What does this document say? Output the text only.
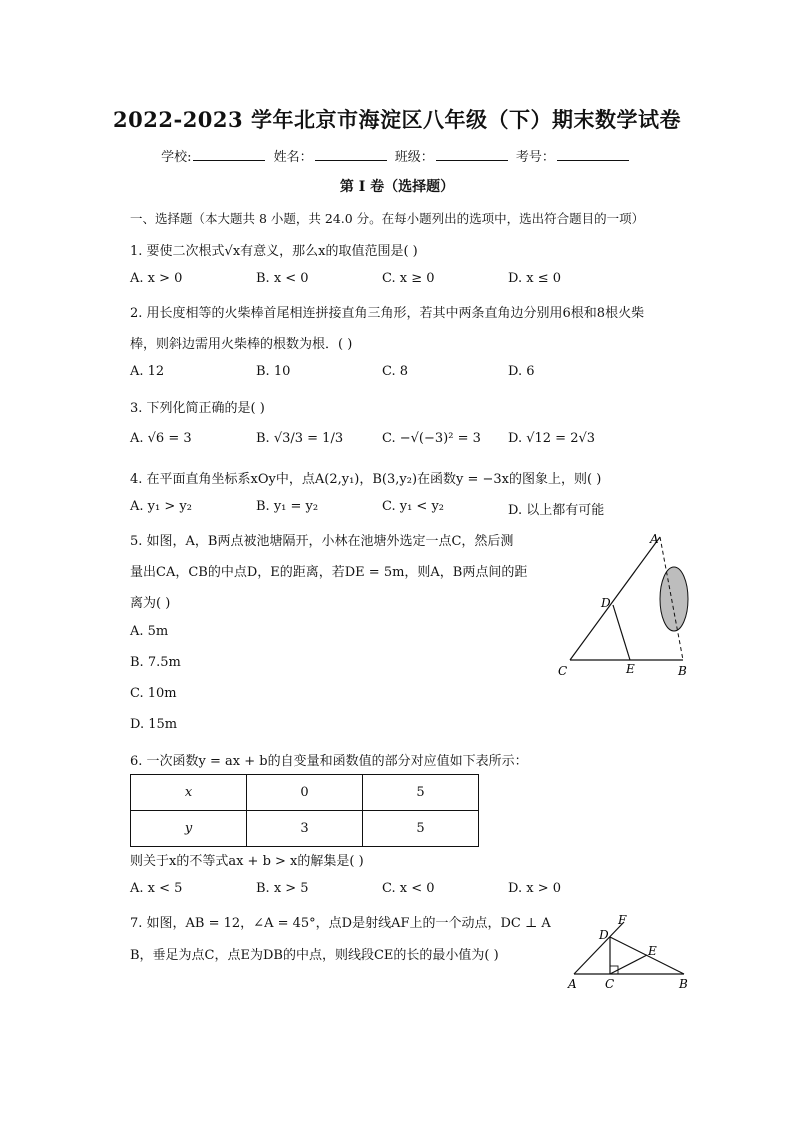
2022-2023 学年北京市海淀区八年级（下）期末数学试卷
学校:	姓名：	班级：	考号：
第 I 卷（选择题）
一、选择题（本大题共 8 小题，共 24.0 分。在每小题列出的选项中，选出符合题目的一项）
1. 要使二次根式√x有意义，那么x的取值范围是( )
A. x > 0	B. x < 0	C. x ≥ 0	D. x ≤ 0
2. 用长度相等的火柴棒首尾相连拼接直角三角形，若其中两条直角边分别用6根和8根火柴
棒，则斜边需用火柴棒的根数为根．( )
A. 12	B. 10	C. 8	D. 6
3. 下列化简正确的是( )
A. √6 = 3	B. √3/3 = 1/3	C. −√(−3)² = 3 D. √12 = 2√3
4. 在平面直角坐标系xOy中，点A(2,y₁)，B(3,y₂)在函数y = −3x的图象上，则( )
A. y₁ > y₂	B. y₁ = y₂	C. y₁ < y₂	D. 以上都有可能
5. 如图，A，B两点被池塘隔开，小林在池塘外选定一点C，然后测
量出CA，CB的中点D，E的距离，若DE = 5m，则A，B两点间的距
离为( )
A. 5m
B. 7.5m
C. 10m
D. 15m
A
D
C	E	B
6. 一次函数y = ax + b的自变量和函数值的部分对应值如下表所示：
x	0	5
y	3	5
则关于x的不等式ax + b > x的解集是( )
A. x < 5	B. x > 5	C. x < 0	D. x > 0
7. 如图，AB = 12，∠A = 45°，点D是射线AF上的一个动点，DC ⊥ A
B，垂足为点C，点E为DB的中点，则线段CE的长的最小值为( )
F
D
E
A C	B
